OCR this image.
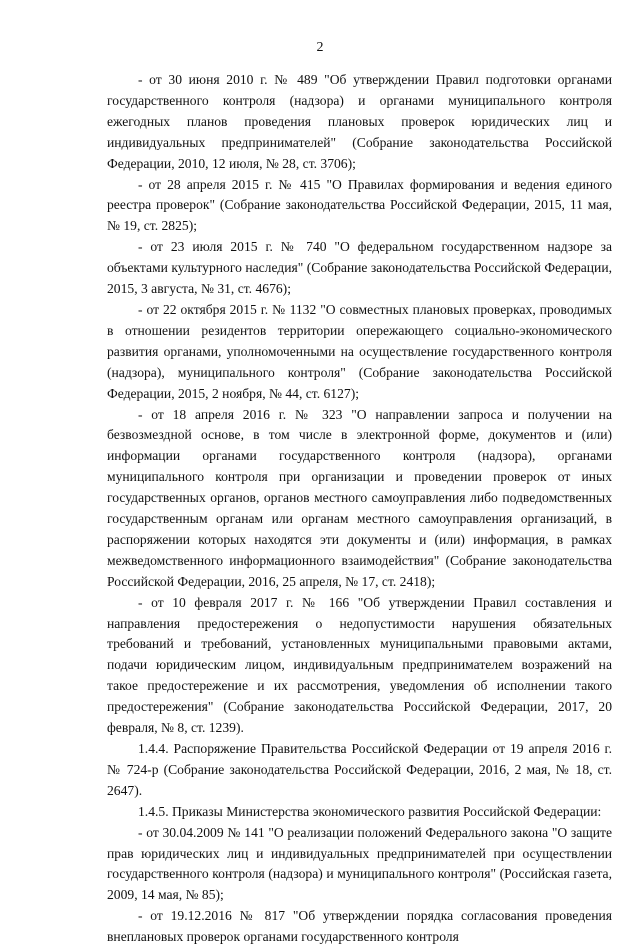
2

- от 30 июня 2010 г. № 489 "Об утверждении Правил подготовки органами государственного контроля (надзора) и органами муниципального контроля ежегодных планов проведения плановых проверок юридических лиц и индивидуальных предпринимателей" (Собрание законодательства Российской Федерации, 2010, 12 июля, № 28, ст. 3706);

- от 28 апреля 2015 г. № 415 "О Правилах формирования и ведения единого реестра проверок" (Собрание законодательства Российской Федерации, 2015, 11 мая, № 19, ст. 2825);

- от 23 июля 2015 г. № 740 "О федеральном государственном надзоре за объектами культурного наследия" (Собрание законодательства Российской Федерации, 2015, 3 августа, № 31, ст. 4676);

- от 22 октября 2015 г. № 1132 "О совместных плановых проверках, проводимых в отношении резидентов территории опережающего социально-экономического развития органами, уполномоченными на осуществление государственного контроля (надзора), муниципального контроля" (Собрание законодательства Российской Федерации, 2015, 2 ноября, № 44, ст. 6127);

- от 18 апреля 2016 г. № 323 "О направлении запроса и получении на безвозмездной основе, в том числе в электронной форме, документов и (или) информации органами государственного контроля (надзора), органами муниципального контроля при организации и проведении проверок от иных государственных органов, органов местного самоуправления либо подведомственных государственным органам или органам местного самоуправления организаций, в распоряжении которых находятся эти документы и (или) информация, в рамках межведомственного информационного взаимодействия" (Собрание законодательства Российской Федерации, 2016, 25 апреля, № 17, ст. 2418);

- от 10 февраля 2017 г. № 166 "Об утверждении Правил составления и направления предостережения о недопустимости нарушения обязательных требований и требований, установленных муниципальными правовыми актами, подачи юридическим лицом, индивидуальным предпринимателем возражений на такое предостережение и их рассмотрения, уведомления об исполнении такого предостережения" (Собрание законодательства Российской Федерации, 2017, 20 февраля, № 8, ст. 1239).

1.4.4. Распоряжение Правительства Российской Федерации от 19 апреля 2016 г. № 724-р (Собрание законодательства Российской Федерации, 2016, 2 мая, № 18, ст. 2647).

1.4.5. Приказы Министерства экономического развития Российской Федерации:

- от 30.04.2009 № 141 "О реализации положений Федерального закона "О защите прав юридических лиц и индивидуальных предпринимателей при осуществлении государственного контроля (надзора) и муниципального контроля" (Российская газета, 2009, 14 мая, № 85);

- от 19.12.2016 № 817 "Об утверждении порядка согласования проведения внеплановых проверок органами государственного контроля
